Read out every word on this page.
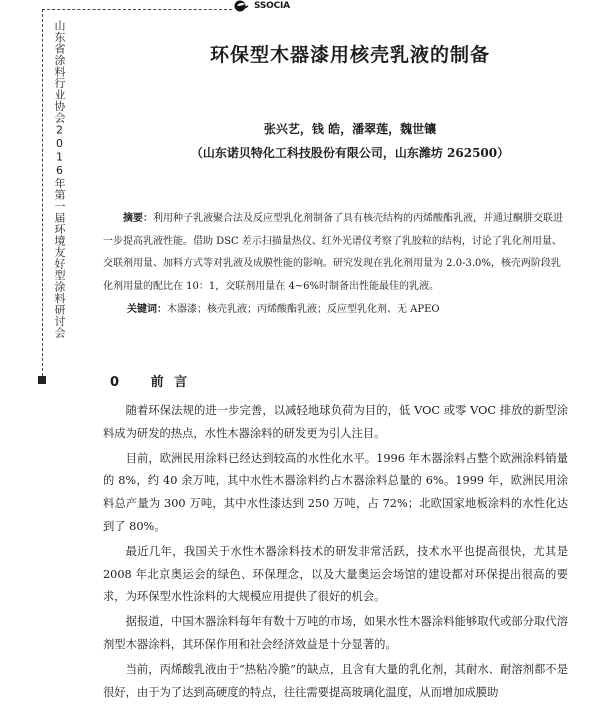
SSOCIA
山东省涂料行业协会2016年第一届环境友好型涂料研讨会	环保型木器漆用核壳乳液的制备
张兴艺，钱 皓，潘翠莲，魏世镶
（山东诺贝特化工科技股份有限公司，山东潍坊 262500）

摘要：利用种子乳液聚合法及反应型乳化剂制备了具有核壳结构的丙烯酸酯乳液，并通过酮肼交联进一步提高乳液性能。借助 DSC 差示扫描量热仪、红外光谱仪考察了乳胶粒的结构，讨论了乳化剂用量、交联剂用量、加料方式等对乳液及成膜性能的影响。研究发现在乳化剂用量为 2.0-3.0%，核壳两阶段乳化剂用量的配比在 10：1，交联剂用量在 4~6%时制备出性能最佳的乳液。

关键词：木器漆；核壳乳液；丙烯酸酯乳液；反应型乳化剂、无 APEO
0 前 言

随着环保法规的进一步完善，以减轻地球负荷为目的，低 VOC 或零 VOC 排放的新型涂料成为研发的热点，水性木器涂料的研发更为引人注目。

目前，欧洲民用涂料已经达到较高的水性化水平。1996 年木器涂料占整个欧洲涂料销量的 8%，约 40 余万吨，其中水性木器涂料约占木器涂料总量的 6%。1999 年，欧洲民用涂料总产量为 300 万吨，其中水性漆达到 250 万吨，占 72%；北欧国家地板涂料的水性化达到了 80%。

最近几年，我国关于水性木器涂料技术的研发非常活跃，技术水平也提高很快，尤其是 2008 年北京奥运会的绿色、环保理念，以及大量奥运会场馆的建设都对环保提出很高的要求，为环保型水性涂料的大规模应用提供了很好的机会。

据报道，中国木器涂料每年有数十万吨的市场，如果水性木器涂料能够取代或部分取代溶剂型木器涂料，其环保作用和社会经济效益是十分显著的。

当前，丙烯酸乳液由于“热粘冷脆”的缺点，且含有大量的乳化剂，其耐水、耐溶剂都不是很好，由于为了达到高硬度的特点，往往需要提高玻璃化温度，从而增加成膜助
